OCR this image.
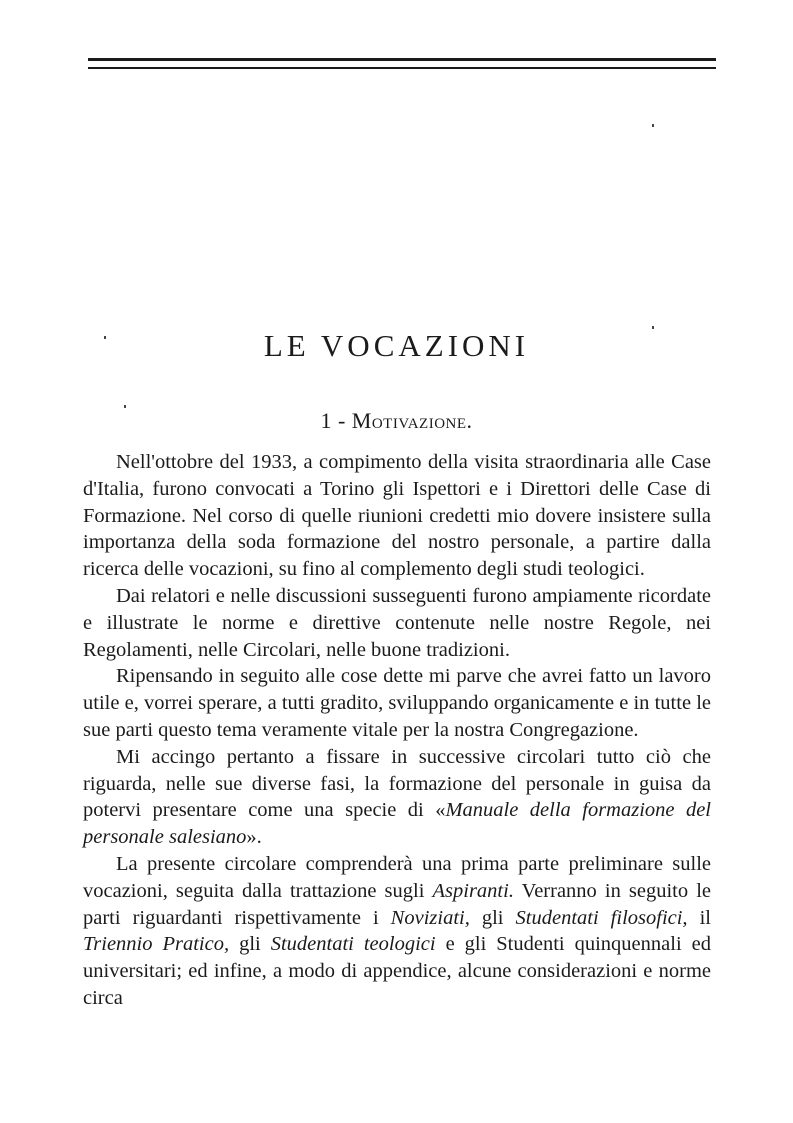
LE VOCAZIONI
1 - Motivazione.

Nell'ottobre del 1933, a compimento della visita straordinaria alle Case d'Italia, furono convocati a Torino gli Ispettori e i Direttori delle Case di Formazione. Nel corso di quelle riunioni credetti mio dovere insistere sulla importanza della soda formazione del nostro personale, a partire dalla ricerca delle vocazioni, su fino al complemento degli studi teologici.

Dai relatori e nelle discussioni susseguenti furono ampiamente ricordate e illustrate le norme e direttive contenute nelle nostre Regole, nei Regolamenti, nelle Circolari, nelle buone tradizioni.

Ripensando in seguito alle cose dette mi parve che avrei fatto un lavoro utile e, vorrei sperare, a tutti gradito, sviluppando organicamente e in tutte le sue parti questo tema veramente vitale per la nostra Congregazione.

Mi accingo pertanto a fissare in successive circolari tutto ciò che riguarda, nelle sue diverse fasi, la formazione del personale in guisa da potervi presentare come una specie di «Manuale della formazione del personale salesiano».

La presente circolare comprenderà una prima parte preliminare sulle vocazioni, seguita dalla trattazione sugli Aspiranti. Verranno in seguito le parti riguardanti rispettivamente i Noviziati, gli Studentati filosofici, il Triennio Pratico, gli Studentati teologici e gli Studenti quinquennali ed universitari; ed infine, a modo di appendice, alcune considerazioni e norme circa
